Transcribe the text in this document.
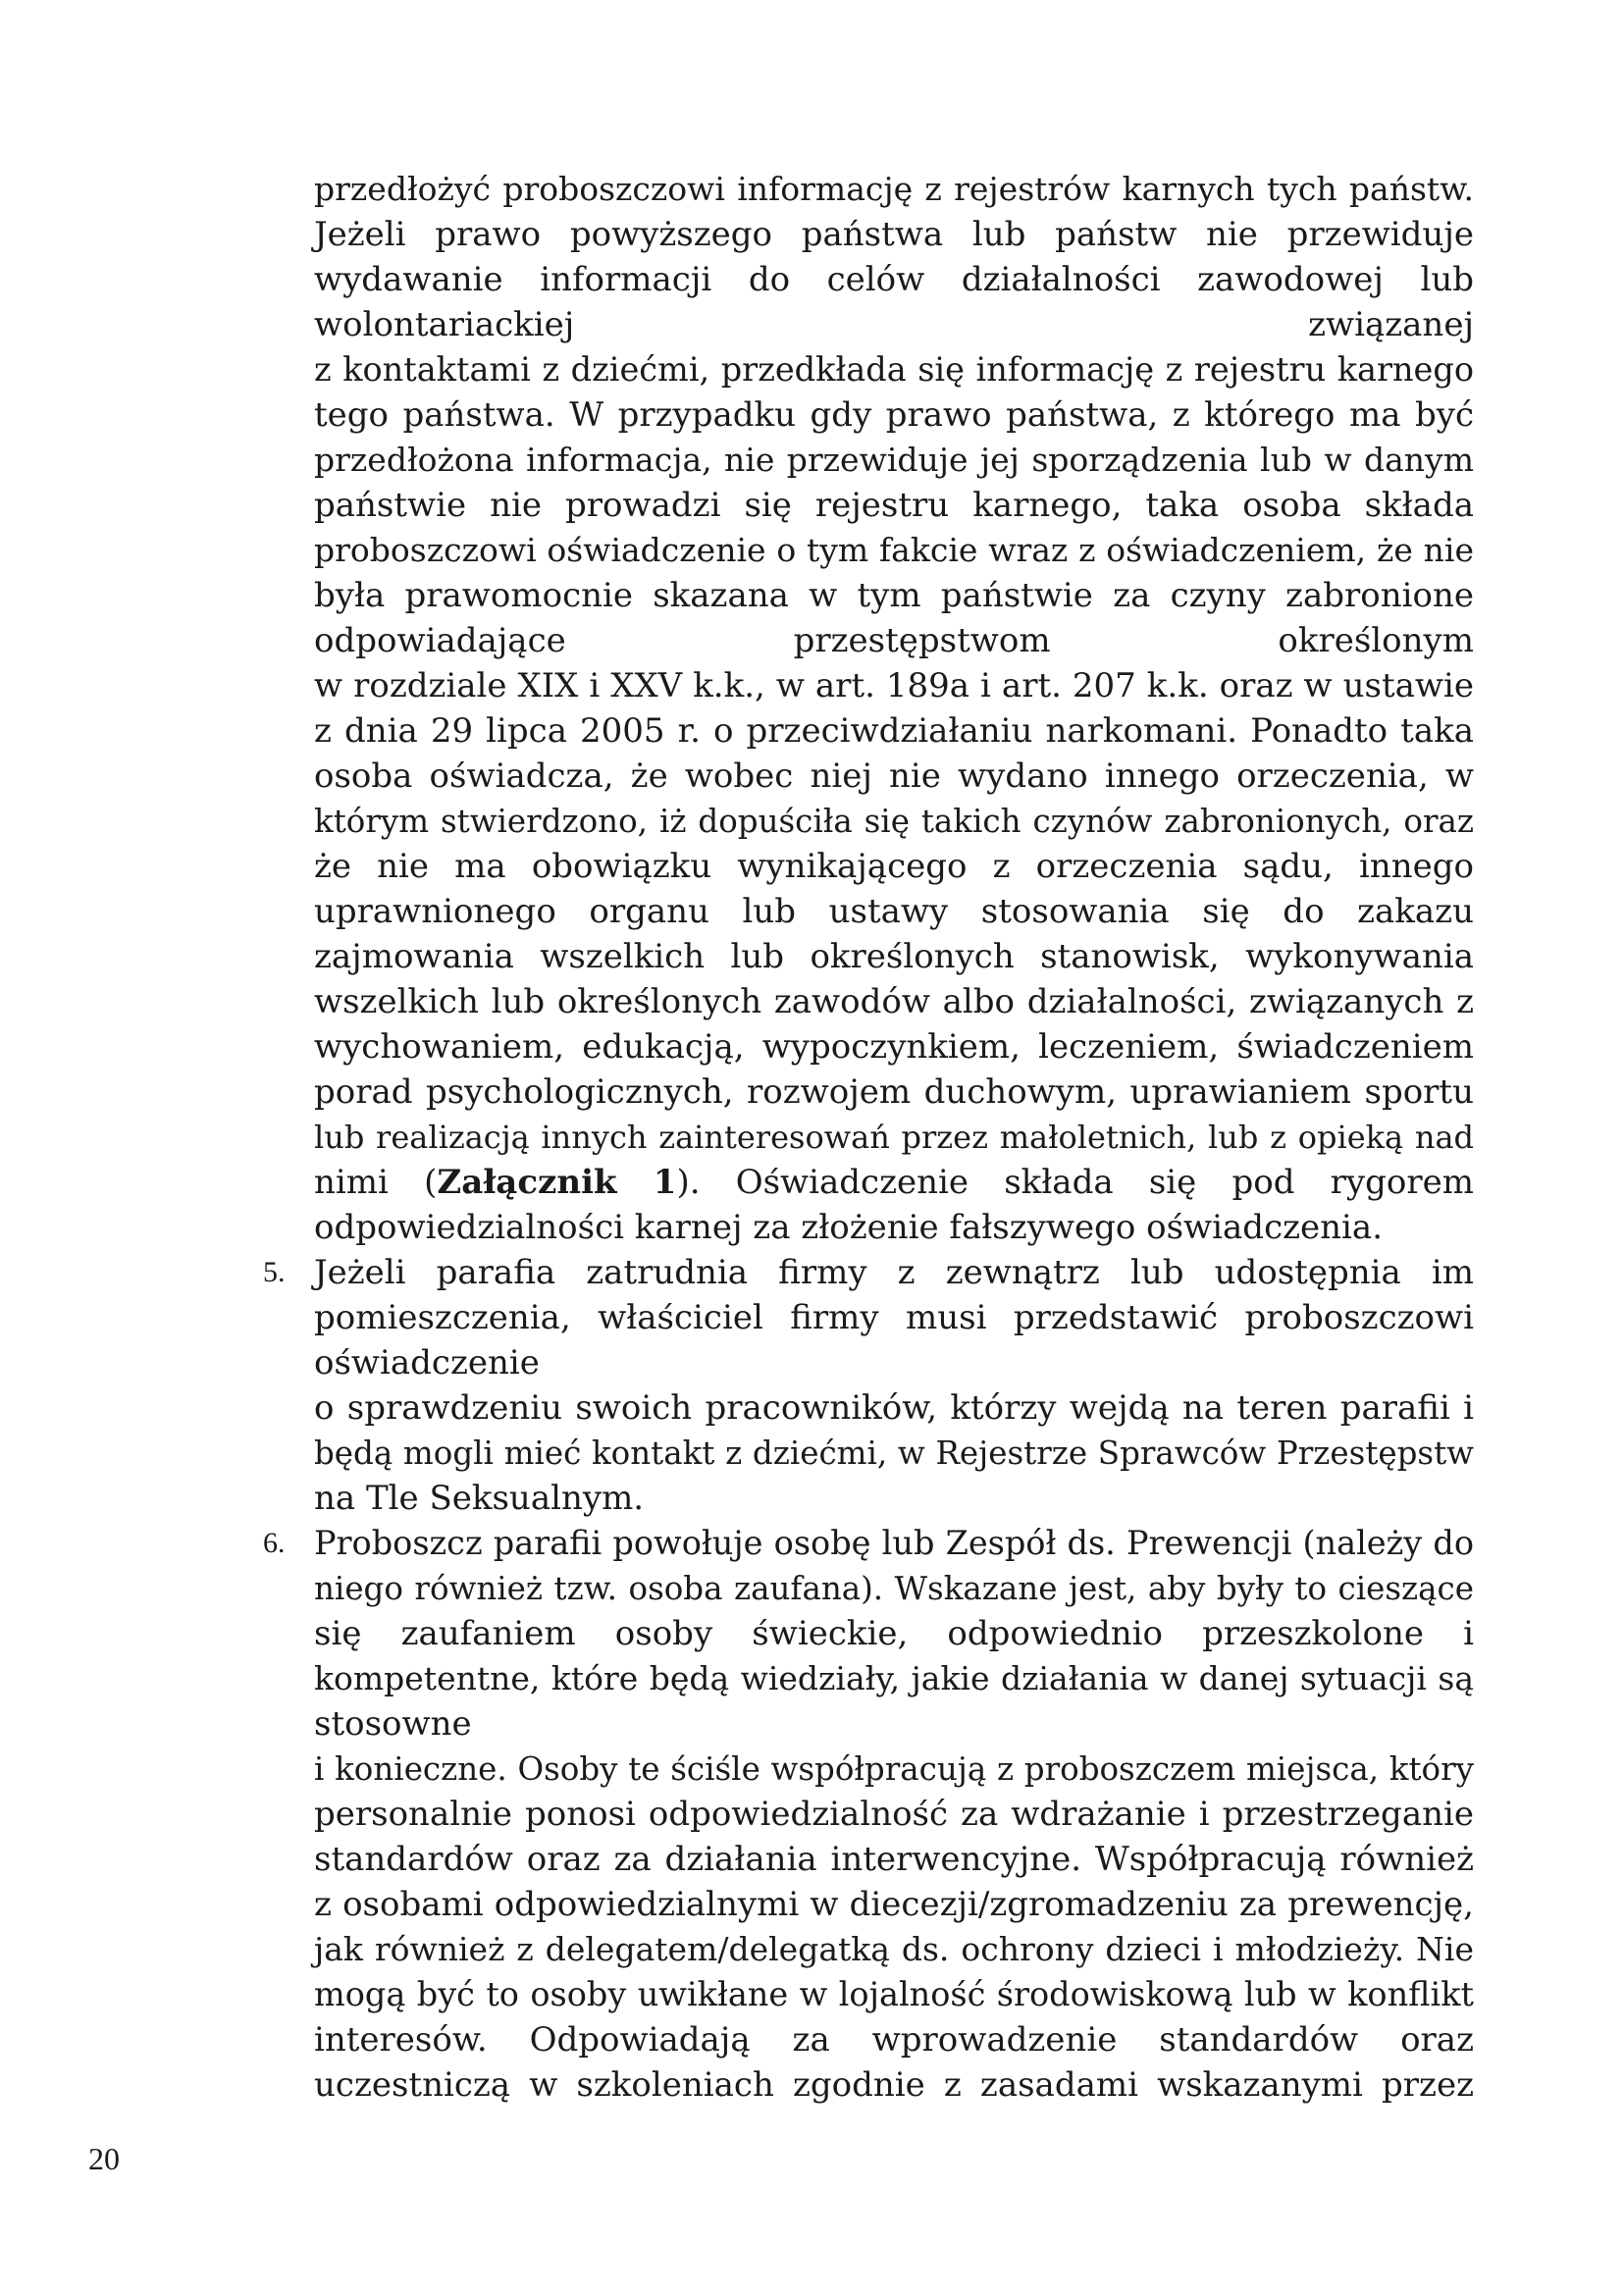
przedłożyć proboszczowi informację z rejestrów karnych tych państw.
Jeżeli prawo powyższego państwa lub państw nie przewiduje
wydawanie informacji do celów działalności zawodowej lub
wolontariackiej związanej
z kontaktami z dziećmi, przedkłada się informację z rejestru karnego
tego państwa. W przypadku gdy prawo państwa, z którego ma być
przedłożona informacja, nie przewiduje jej sporządzenia lub w danym
państwie nie prowadzi się rejestru karnego, taka osoba składa
proboszczowi oświadczenie o tym fakcie wraz z oświadczeniem, że nie
była prawomocnie skazana w tym państwie za czyny zabronione
odpowiadające przestępstwom określonym
w rozdziale XIX i XXV k.k., w art. 189a i art. 207 k.k. oraz w ustawie
z dnia 29 lipca 2005 r. o przeciwdziałaniu narkomani. Ponadto taka
osoba oświadcza, że wobec niej nie wydano innego orzeczenia, w
którym stwierdzono, iż dopuściła się takich czynów zabronionych, oraz
że nie ma obowiązku wynikającego z orzeczenia sądu, innego
uprawnionego organu lub ustawy stosowania się do zakazu
zajmowania wszelkich lub określonych stanowisk, wykonywania
wszelkich lub określonych zawodów albo działalności, związanych z
wychowaniem, edukacją, wypoczynkiem, leczeniem, świadczeniem
porad psychologicznych, rozwojem duchowym, uprawianiem sportu
lub realizacją innych zainteresowań przez małoletnich, lub z opieką nad
nimi (Załącznik 1). Oświadczenie składa się pod rygorem
odpowiedzialności karnej za złożenie fałszywego oświadczenia.
5. Jeżeli parafia zatrudnia firmy z zewnątrz lub udostępnia im
pomieszczenia, właściciel firmy musi przedstawić proboszczowi
oświadczenie
o sprawdzeniu swoich pracowników, którzy wejdą na teren parafii i
będą mogli mieć kontakt z dziećmi, w Rejestrze Sprawców Przestępstw
na Tle Seksualnym.
6. Proboszcz parafii powołuje osobę lub Zespół ds. Prewencji (należy do
niego również tzw. osoba zaufana). Wskazane jest, aby były to cieszące
się zaufaniem osoby świeckie, odpowiednio przeszkolone i
kompetentne, które będą wiedziały, jakie działania w danej sytuacji są
stosowne
i konieczne. Osoby te ściśle współpracują z proboszczem miejsca, który
personalnie ponosi odpowiedzialność za wdrażanie i przestrzeganie
standardów oraz za działania interwencyjne. Współpracują również
z osobami odpowiedzialnymi w diecezji/zgromadzeniu za prewencję,
jak również z delegatem/delegatką ds. ochrony dzieci i młodzieży. Nie
mogą być to osoby uwikłane w lojalność środowiskową lub w konflikt
interesów. Odpowiadają za wprowadzenie standardów oraz
uczestniczą w szkoleniach zgodnie z zasadami wskazanymi przez
20
